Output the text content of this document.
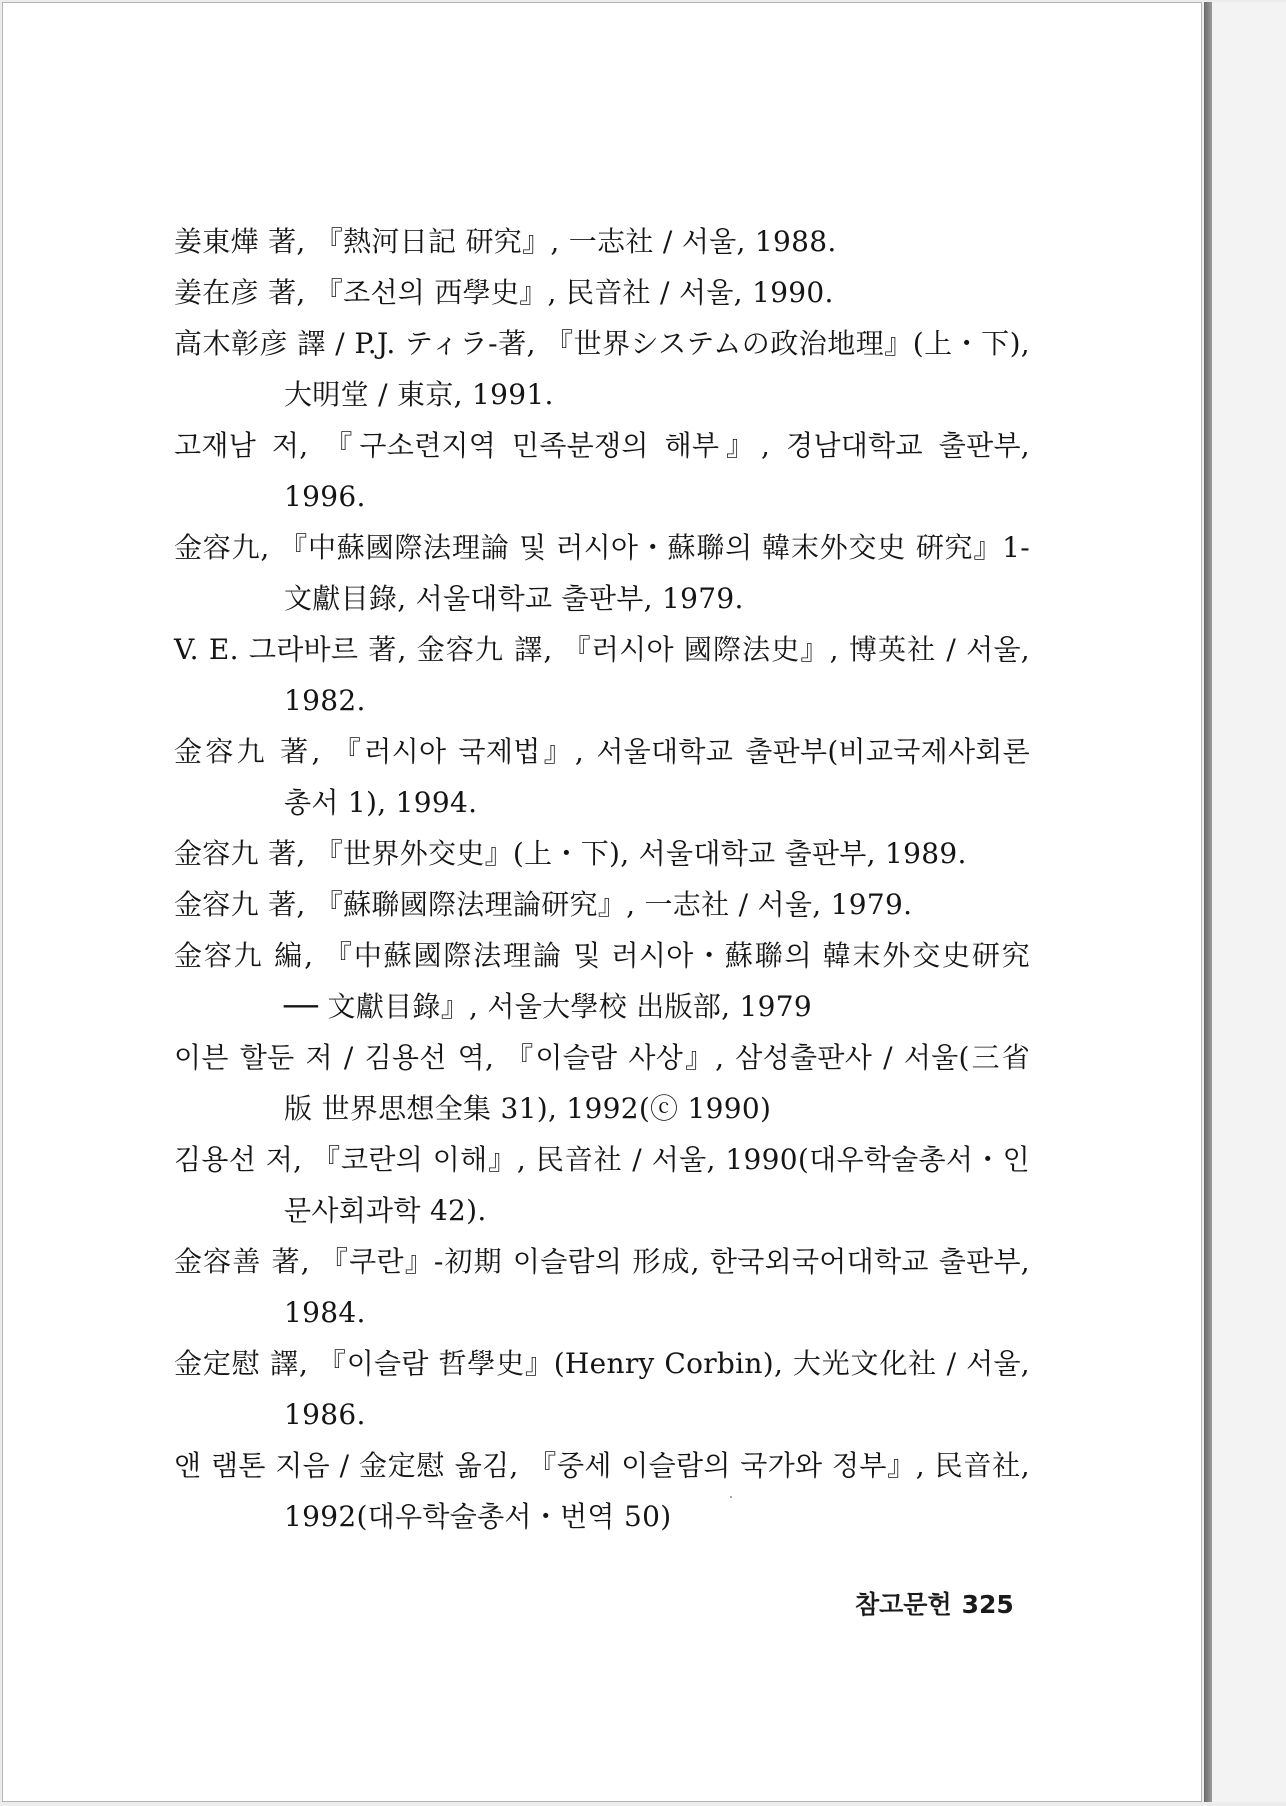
姜東燁 著, 『熱河日記 研究』, 一志社 / 서울, 1988.
姜在彦 著, 『조선의 西學史』, 民音社 / 서울, 1990.
高木彰彦 譯 / P.J. ティラ-著, 『世界システムの政治地理』(上・下), 大明堂 / 東京, 1991.
고재남 저, 『구소련지역 민족분쟁의 해부』, 경남대학교 출판부, 1996.
金容九, 『中蘇國際法理論 및 러시아・蘇聯의 韓末外交史 硏究』1-文獻目錄, 서울대학교 출판부, 1979.
V. E. 그라바르 著, 金容九 譯, 『러시아 國際法史』, 博英社 / 서울, 1982.
金容九 著, 『러시아 국제법』, 서울대학교 출판부(비교국제사회론 총서 1), 1994.
金容九 著, 『世界外交史』(上・下), 서울대학교 출판부, 1989.
金容九 著, 『蘇聯國際法理論研究』, 一志社 / 서울, 1979.
金容九 編, 『中蘇國際法理論 및 러시아・蘇聯의 韓末外交史研究 ── 文獻目錄』, 서울大學校 出版部, 1979
이븐 할둔 저 / 김용선 역, 『이슬람 사상』, 삼성출판사 / 서울(三省版 世界思想全集 31), 1992(ⓒ 1990)
김용선 저, 『코란의 이해』, 民音社 / 서울, 1990(대우학술총서・인문사회과학 42).
金容善 著, 『쿠란』-初期 이슬람의 形成, 한국외국어대학교 출판부, 1984.
金定慰 譯, 『이슬람 哲學史』(Henry Corbin), 大光文化社 / 서울, 1986.
앤 램톤 지음 / 金定慰 옮김, 『중세 이슬람의 국가와 정부』, 民音社, 1992(대우학술총서・번역 50)
참고문헌 325
